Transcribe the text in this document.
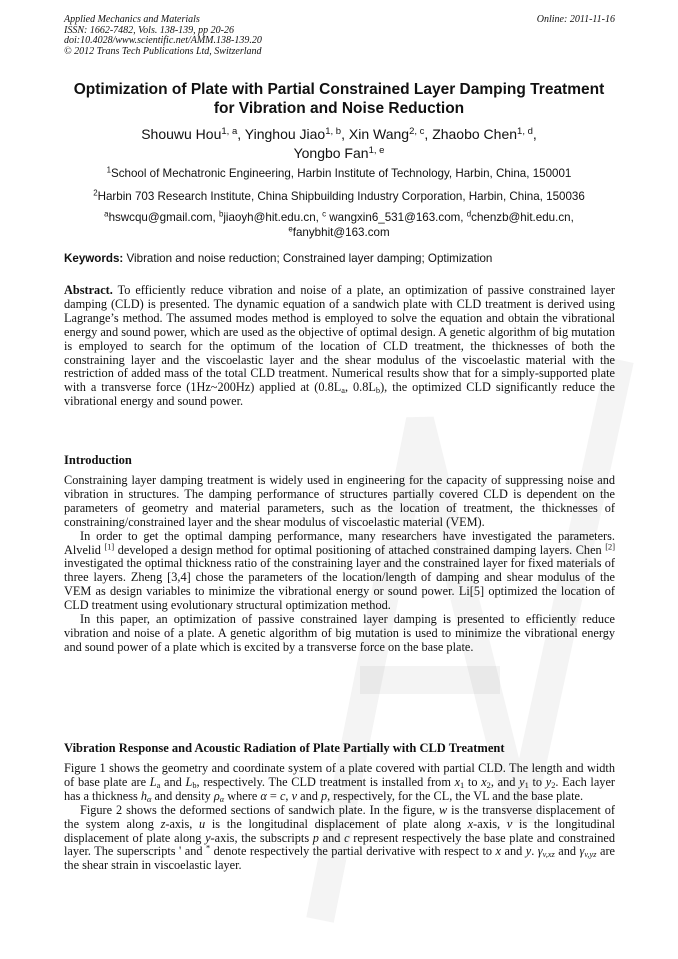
Applied Mechanics and Materials
ISSN: 1662-7482, Vols. 138-139, pp 20-26
doi:10.4028/www.scientific.net/AMM.138-139.20
© 2012 Trans Tech Publications Ltd, Switzerland
Online: 2011-11-16
Optimization of Plate with Partial Constrained Layer Damping Treatment
for Vibration and Noise Reduction
Shouwu Hou$^{1, a}$, Yinghou Jiao$^{1, b}$, Xin Wang$^{2, c}$, Zhaobo Chen$^{1, d}$,
Yongbo Fan$^{1, e}$
$^1$School of Mechatronic Engineering, Harbin Institute of Technology, Harbin, China, 150001
$^2$Harbin 703 Research Institute, China Shipbuilding Industry Corporation, Harbin, China, 150036
$^a$hswcqu@gmail.com, $^b$jiaoyh@hit.edu.cn, $^c$ wangxin6_531@163.com, $^d$chenzb@hit.edu.cn,
$^e$fanybhit@163.com
Keywords: Vibration and noise reduction; Constrained layer damping; Optimization

Abstract. To efficiently reduce vibration and noise of a plate, an optimization of passive constrained layer damping (CLD) is presented. The dynamic equation of a sandwich plate with CLD treatment is derived using Lagrange’s method. The assumed modes method is employed to solve the equation and obtain the vibrational energy and sound power, which are used as the objective of optimal design. A genetic algorithm of big mutation is employed to search for the optimum of the location of CLD treatment, the thicknesses of both the constraining layer and the viscoelastic layer and the shear modulus of the viscoelastic material with the restriction of added mass of the total CLD treatment. Numerical results show that for a simply-supported plate with a transverse force (1Hz~200Hz) applied at ($0.8L_a$, $0.8L_b$), the optimized CLD significantly reduce the vibrational energy and sound power.

Introduction

Constraining layer damping treatment is widely used in engineering for the capacity of suppressing noise and vibration in structures. The damping performance of structures partially covered CLD is dependent on the parameters of geometry and material parameters, such as the location of treatment, the thicknesses of constraining/constrained layer and the shear modulus of viscoelastic material (VEM).

In order to get the optimal damping performance, many researchers have investigated the parameters. Alvelid [1] developed a design method for optimal positioning of attached constrained damping layers. Chen [2] investigated the optimal thickness ratio of the constraining layer and the constrained layer for fixed materials of three layers. Zheng [3,4] chose the parameters of the location/length of damping and shear modulus of the VEM as design variables to minimize the vibrational energy or sound power. Li[5] optimized the location of CLD treatment using evolutionary structural optimization method.

In this paper, an optimization of passive constrained layer damping is presented to efficiently reduce vibration and noise of a plate. A genetic algorithm of big mutation is used to minimize the vibrational energy and sound power of a plate which is excited by a transverse force on the base plate.

Vibration Response and Acoustic Radiation of Plate Partially with CLD Treatment

Figure 1 shows the geometry and coordinate system of a plate covered with partial CLD. The length and width of base plate are $L_a$ and $L_b$, respectively. The CLD treatment is installed from $x_1$ to $x_2$, and $y_1$ to $y_2$. Each layer has a thickness $h_\alpha$ and density $\rho_\alpha$ where α = c, v and p, respectively, for the CL, the VL and the base plate.

Figure 2 shows the deformed sections of sandwich plate. In the figure, w is the transverse displacement of the system along z-axis, u is the longitudinal displacement of plate along x-axis, v is the longitudinal displacement of plate along y-axis, the subscripts p and c represent respectively the base plate and constrained layer. The superscripts ' and * denote respectively the partial derivative with respect to x and y. $\gamma_{v,xz}$ and $\gamma_{v,yz}$ are the shear strain in viscoelastic layer.
